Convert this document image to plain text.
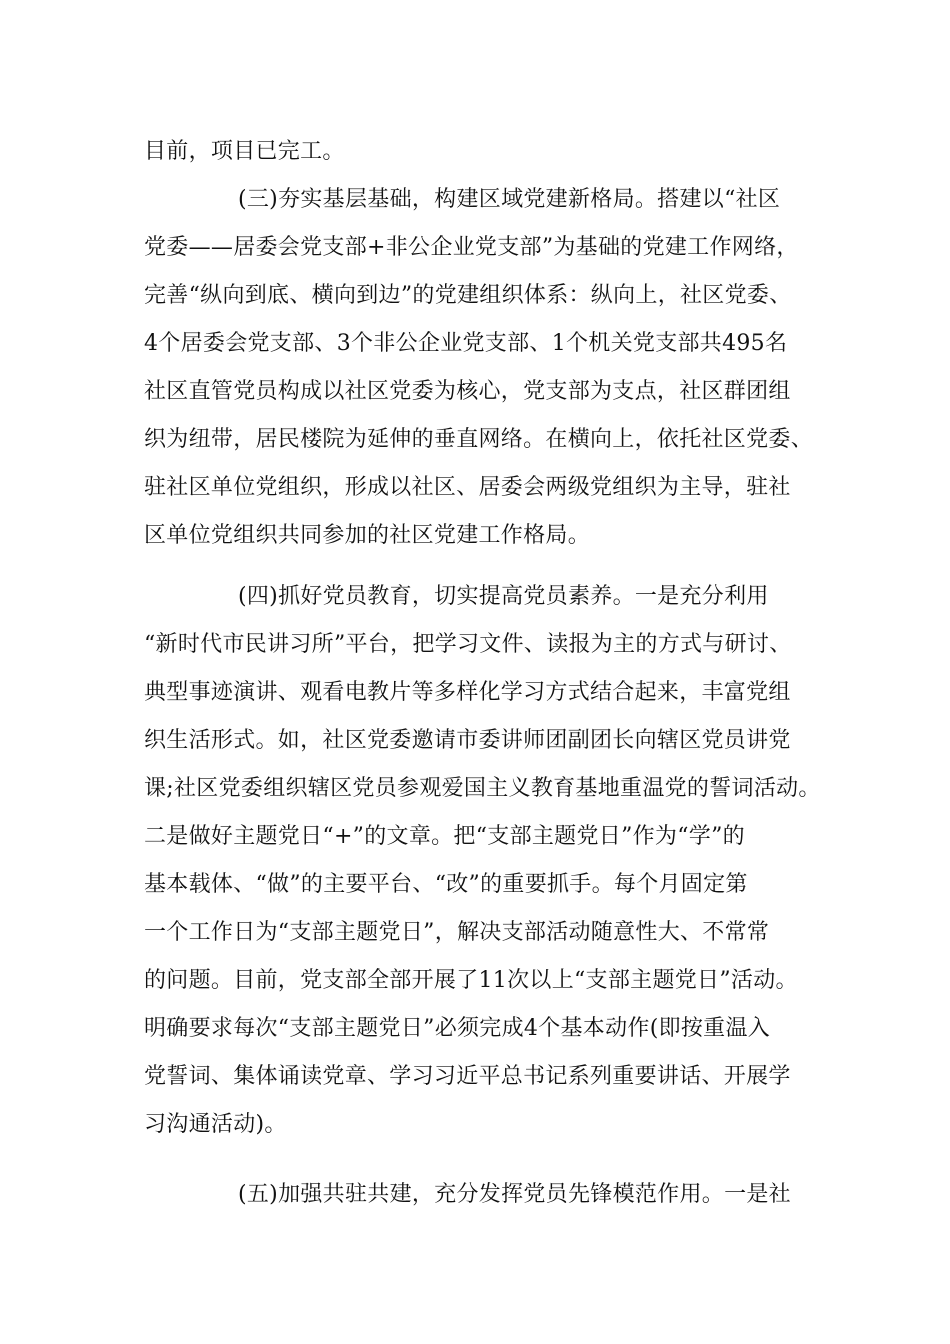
目前，项目已完工。
(三)夯实基层基础，构建区域党建新格局。搭建以“社区
党委——居委会党支部+非公企业党支部”为基础的党建工作网络，
完善“纵向到底、横向到边”的党建组织体系：纵向上，社区党委、
4个居委会党支部、3个非公企业党支部、1个机关党支部共495名
社区直管党员构成以社区党委为核心，党支部为支点，社区群团组
织为纽带，居民楼院为延伸的垂直网络。在横向上，依托社区党委、
驻社区单位党组织，形成以社区、居委会两级党组织为主导，驻社
区单位党组织共同参加的社区党建工作格局。
(四)抓好党员教育，切实提高党员素养。一是充分利用
“新时代市民讲习所”平台，把学习文件、读报为主的方式与研讨、
典型事迹演讲、观看电教片等多样化学习方式结合起来，丰富党组
织生活形式。如，社区党委邀请市委讲师团副团长向辖区党员讲党
课;社区党委组织辖区党员参观爱国主义教育基地重温党的誓词活动。
二是做好主题党日“+”的文章。把“支部主题党日”作为“学”的
基本载体、“做”的主要平台、“改”的重要抓手。每个月固定第
一个工作日为“支部主题党日”，解决支部活动随意性大、不常常
的问题。目前，党支部全部开展了11次以上“支部主题党日”活动。
明确要求每次“支部主题党日”必须完成4个基本动作(即按重温入
党誓词、集体诵读党章、学习习近平总书记系列重要讲话、开展学
习沟通活动)。
(五)加强共驻共建，充分发挥党员先锋模范作用。一是社
